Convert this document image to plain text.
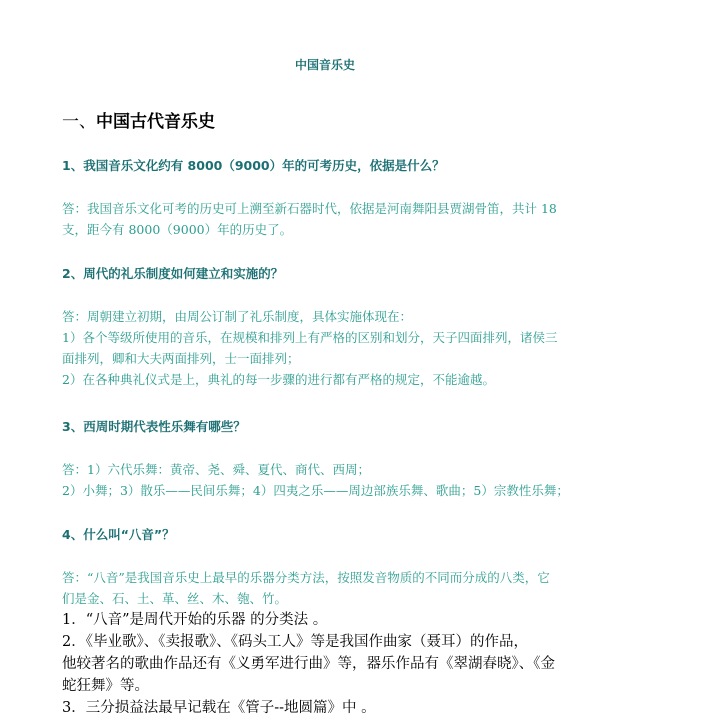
中国音乐史
一、中国古代音乐史
1、我国音乐文化约有 8000（9000）年的可考历史，依据是什么？
答：我国音乐文化可考的历史可上溯至新石器时代，依据是河南舞阳县贾湖骨笛，共计 18
支，距今有 8000（9000）年的历史了。
2、周代的礼乐制度如何建立和实施的？
答：周朝建立初期，由周公订制了礼乐制度，具体实施体现在：
1）各个等级所使用的音乐，在规模和排列上有严格的区别和划分，天子四面排列，诸侯三
面排列，卿和大夫两面排列，士一面排列；
2）在各种典礼仪式是上，典礼的每一步骤的进行都有严格的规定，不能逾越。
3、西周时期代表性乐舞有哪些？
答：1）六代乐舞：黄帝、尧、舜、夏代、商代、西周；
2）小舞；3）散乐——民间乐舞；4）四夷之乐——周边部族乐舞、歌曲；5）宗教性乐舞；
4、什么叫“八音”？
答：“八音”是我国音乐史上最早的乐器分类方法，按照发音物质的不同而分成的八类，它
们是金、石、土、革、丝、木、匏、竹。
1．“八音”是周代开始的乐器 的分类法 。
2．《毕业歌》、《卖报歌》、《码头工人》等是我国作曲家（聂耳）的作品，
他较著名的歌曲作品还有《义勇军进行曲》等，器乐作品有《翠湖春晓》、《金
蛇狂舞》等。
3．三分损益法最早记载在《管子--地圆篇》中 。
